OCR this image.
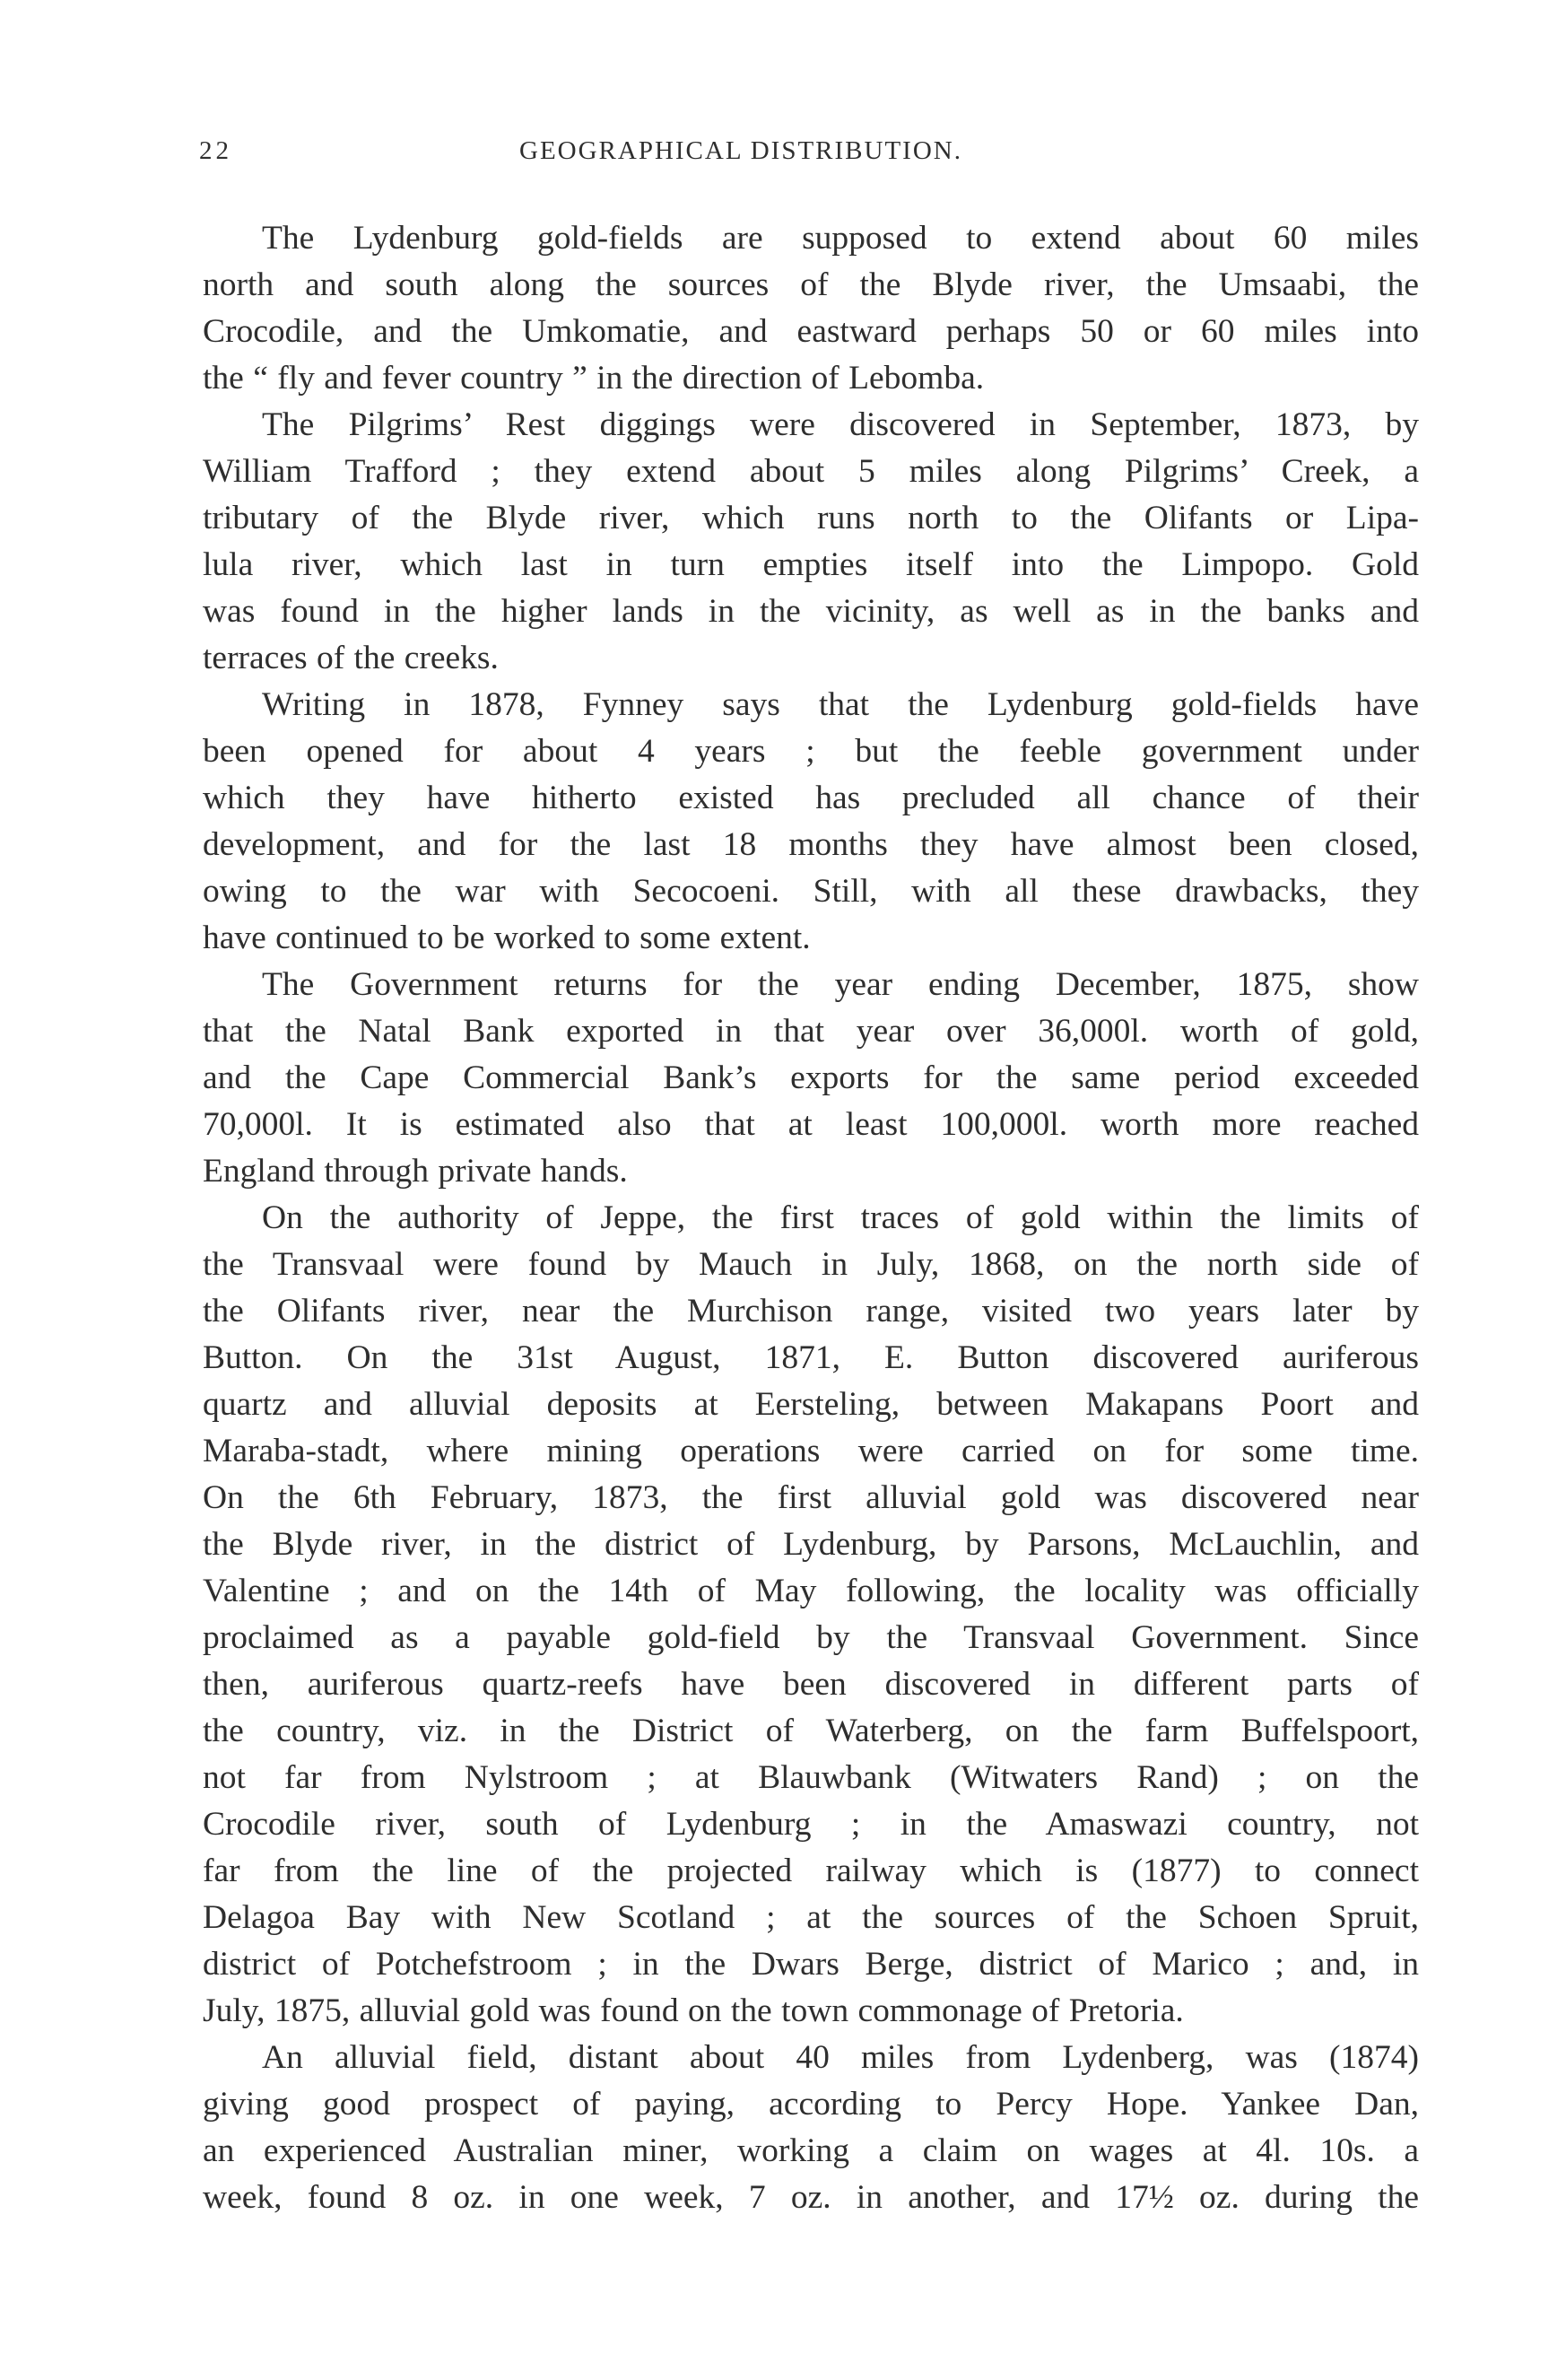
22	GEOGRAPHICAL DISTRIBUTION.
The Lydenburg gold-fields are supposed to extend about 60 miles
north and south along the sources of the Blyde river, the Umsaabi, the
Crocodile, and the Umkomatie, and eastward perhaps 50 or 60 miles into
the “ fly and fever country ” in the direction of Lebomba.
The Pilgrims’ Rest diggings were discovered in September, 1873, by
William Trafford ; they extend about 5 miles along Pilgrims’ Creek, a
tributary of the Blyde river, which runs north to the Olifants or Lipa-
lula river, which last in turn empties itself into the Limpopo. Gold
was found in the higher lands in the vicinity, as well as in the banks and
terraces of the creeks.
Writing in 1878, Fynney says that the Lydenburg gold-fields have
been opened for about 4 years ; but the feeble government under
which they have hitherto existed has precluded all chance of their
development, and for the last 18 months they have almost been closed,
owing to the war with Secocoeni. Still, with all these drawbacks, they
have continued to be worked to some extent.
The Government returns for the year ending December, 1875, show
that the Natal Bank exported in that year over 36,000l. worth of gold,
and the Cape Commercial Bank’s exports for the same period exceeded
70,000l. It is estimated also that at least 100,000l. worth more reached
England through private hands.
On the authority of Jeppe, the first traces of gold within the limits of
the Transvaal were found by Mauch in July, 1868, on the north side of
the Olifants river, near the Murchison range, visited two years later by
Button. On the 31st August, 1871, E. Button discovered auriferous
quartz and alluvial deposits at Eersteling, between Makapans Poort and
Maraba-stadt, where mining operations were carried on for some time.
On the 6th February, 1873, the first alluvial gold was discovered near
the Blyde river, in the district of Lydenburg, by Parsons, McLauchlin, and
Valentine ; and on the 14th of May following, the locality was officially
proclaimed as a payable gold-field by the Transvaal Government. Since
then, auriferous quartz-reefs have been discovered in different parts of
the country, viz. in the District of Waterberg, on the farm Buffelspoort,
not far from Nylstroom ; at Blauwbank (Witwaters Rand) ; on the
Crocodile river, south of Lydenburg ; in the Amaswazi country, not
far from the line of the projected railway which is (1877) to connect
Delagoa Bay with New Scotland ; at the sources of the Schoen Spruit,
district of Potchefstroom ; in the Dwars Berge, district of Marico ; and, in
July, 1875, alluvial gold was found on the town commonage of Pretoria.
An alluvial field, distant about 40 miles from Lydenberg, was (1874)
giving good prospect of paying, according to Percy Hope. Yankee Dan,
an experienced Australian miner, working a claim on wages at 4l. 10s. a
week, found 8 oz. in one week, 7 oz. in another, and 17½ oz. during the
